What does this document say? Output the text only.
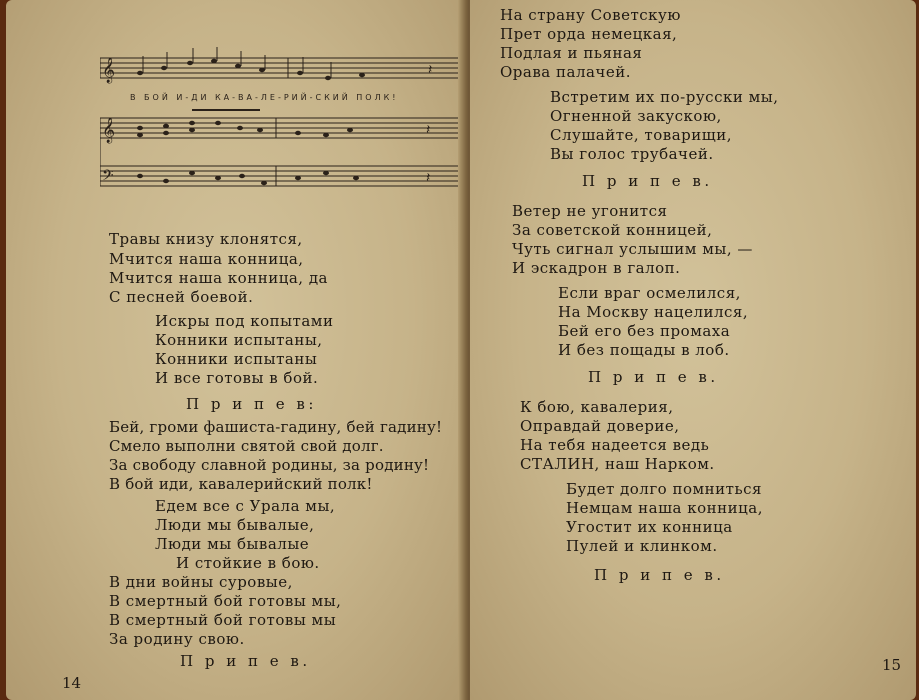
𝄞
𝄞
𝄢
𝄽
𝄽
𝄽
В БОЙ И-ДИ КА-ВА-ЛЕ-РИЙ-СКИЙ ПОЛК!
Травы книзу клонятся,
Мчится наша конница,
Мчится наша конница, да
С песней боевой.
Искры под копытами
Конники испытаны,
Конники испытаны
И все готовы в бой.
П р и п е в:
Бей, громи фашиста-гадину, бей гадину!
Смело выполни святой свой долг.
За свободу славной родины, за родину!
В бой иди, кавалерийский полк!
Едем все с Урала мы,
Люди мы бывалые,
Люди мы бывалые
И стойкие в бою.
В дни войны суровые,
В смертный бой готовы мы,
В смертный бой готовы мы
За родину свою.
П р и п е в.
14
На страну Советскую
Прет орда немецкая,
Подлая и пьяная
Орава палачей.
Встретим их по-русски мы,
Огненной закускою,
Слушайте, товарищи,
Вы голос трубачей.
П р и п е в.
Ветер не угонится
За советской конницей,
Чуть сигнал услышим мы, —
И эскадрон в галоп.
Если враг осмелился,
На Москву нацелился,
Бей его без промаха
И без пощады в лоб.
П р и п е в.
К бою, кавалерия,
Оправдай доверие,
На тебя надеется ведь
СТАЛИН, наш Нарком.
Будет долго помниться
Немцам наша конница,
Угостит их конница
Пулей и клинком.
П р и п е в.
15
